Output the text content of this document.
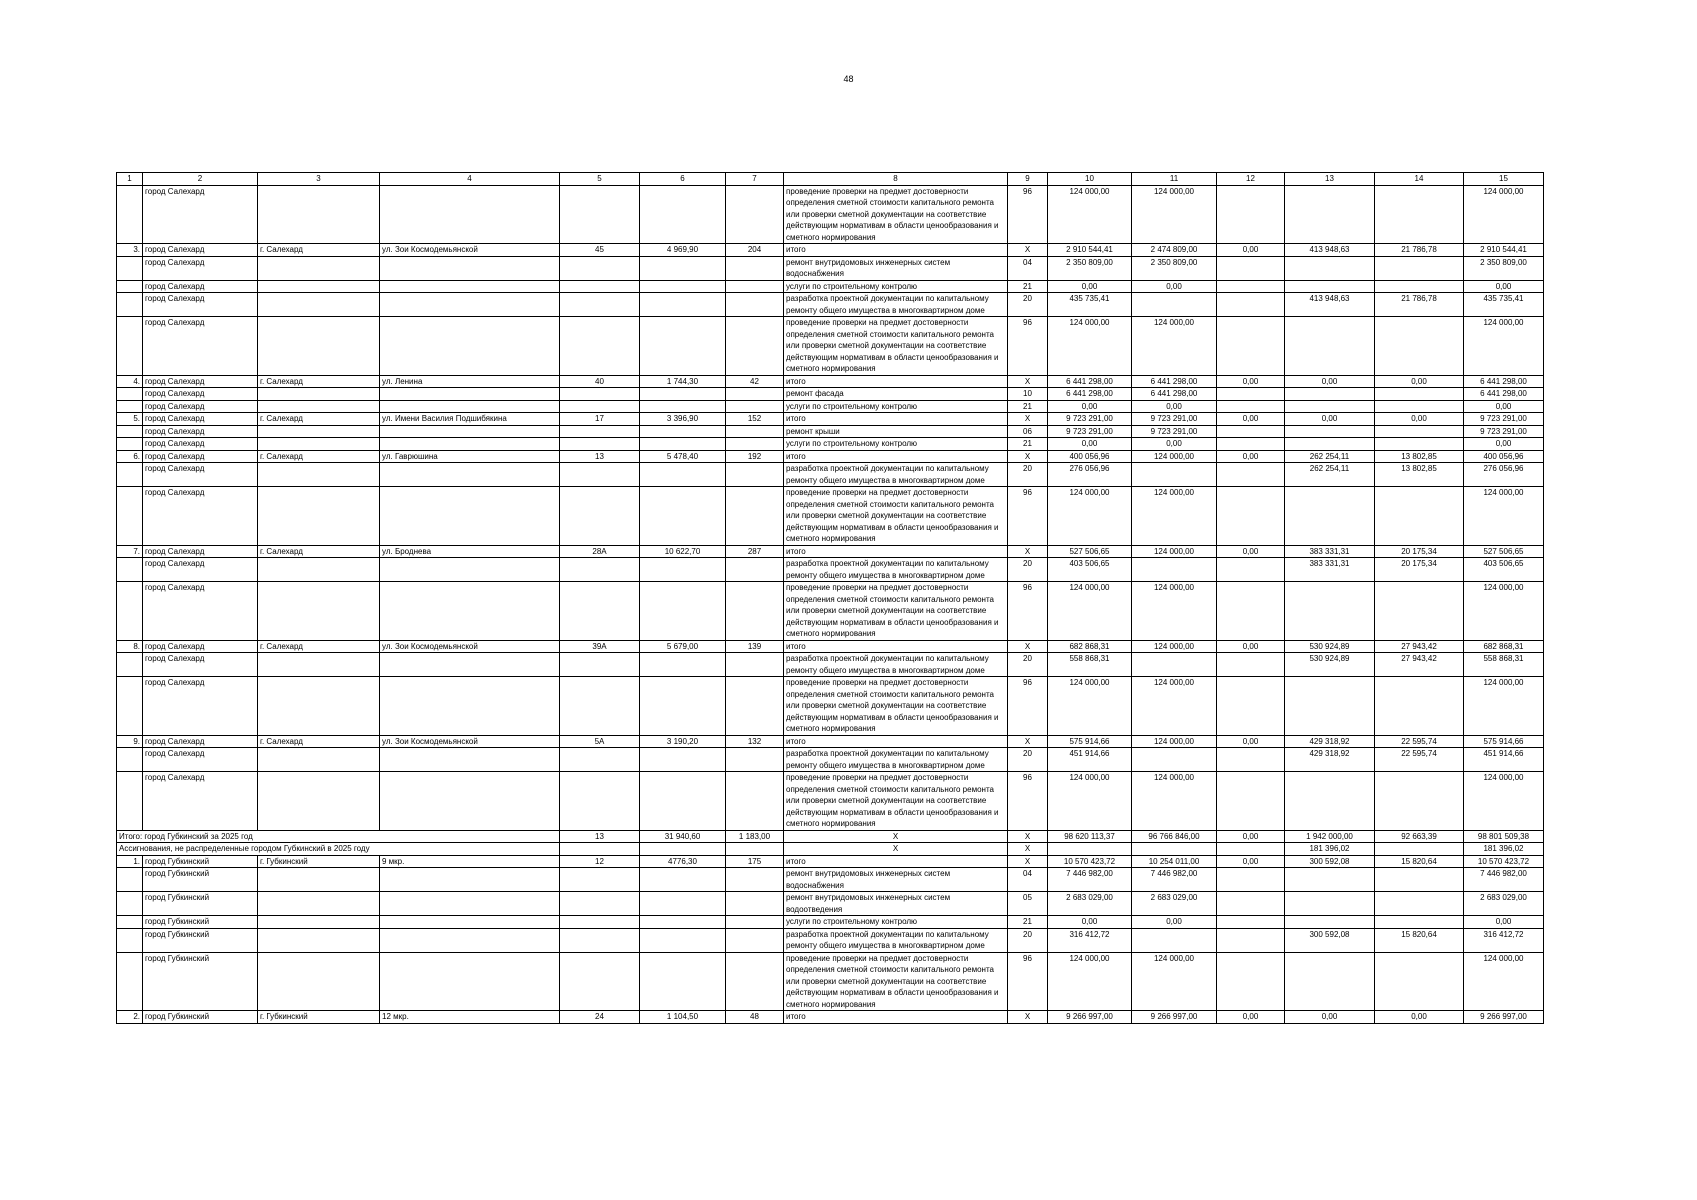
48
1	2	3	4	5	6	7	8	9	10	11	12	13	14	15
	город Салехард						проведение проверки на предмет достоверности определения сметной стоимости капитального ремонта или проверки сметной документации на соответствие действующим нормативам в области ценообразования и сметного нормирования	96	124 000,00	124 000,00				124 000,00
3.	город Салехард	г. Салехард	ул. Зои Космодемьянской	45	4 969,90	204	итого	X	2 910 544,41	2 474 809,00	0,00	413 948,63	21 786,78	2 910 544,41
	город Салехард						ремонт внутридомовых инженерных систем водоснабжения	04	2 350 809,00	2 350 809,00				2 350 809,00
	город Салехард						услуги по строительному контролю	21	0,00	0,00				0,00
	город Салехард						разработка проектной документации по капитальному ремонту общего имущества в многоквартирном доме	20	435 735,41			413 948,63	21 786,78	435 735,41
	город Салехард						проведение проверки на предмет достоверности определения сметной стоимости капитального ремонта или проверки сметной документации на соответствие действующим нормативам в области ценообразования и сметного нормирования	96	124 000,00	124 000,00				124 000,00
4.	город Салехард	г. Салехард	ул. Ленина	40	1 744,30	42	итого	X	6 441 298,00	6 441 298,00	0,00	0,00	0,00	6 441 298,00
	город Салехард						ремонт фасада	10	6 441 298,00	6 441 298,00				6 441 298,00
	город Салехард						услуги по строительному контролю	21	0,00	0,00				0,00
5.	город Салехард	г. Салехард	ул. Имени Василия Подшибякина	17	3 396,90	152	итого	X	9 723 291,00	9 723 291,00	0,00	0,00	0,00	9 723 291,00
	город Салехард						ремонт крыши	06	9 723 291,00	9 723 291,00				9 723 291,00
	город Салехард						услуги по строительному контролю	21	0,00	0,00				0,00
6.	город Салехард	г. Салехард	ул. Гаврюшина	13	5 478,40	192	итого	X	400 056,96	124 000,00	0,00	262 254,11	13 802,85	400 056,96
	город Салехард						разработка проектной документации по капитальному ремонту общего имущества в многоквартирном доме	20	276 056,96			262 254,11	13 802,85	276 056,96
	город Салехард						проведение проверки на предмет достоверности определения сметной стоимости капитального ремонта или проверки сметной документации на соответствие действующим нормативам в области ценообразования и сметного нормирования	96	124 000,00	124 000,00				124 000,00
7.	город Салехард	г. Салехард	ул. Броднева	28А	10 622,70	287	итого	X	527 506,65	124 000,00	0,00	383 331,31	20 175,34	527 506,65
	город Салехард						разработка проектной документации по капитальному ремонту общего имущества в многоквартирном доме	20	403 506,65			383 331,31	20 175,34	403 506,65
	город Салехард						проведение проверки на предмет достоверности определения сметной стоимости капитального ремонта или проверки сметной документации на соответствие действующим нормативам в области ценообразования и сметного нормирования	96	124 000,00	124 000,00				124 000,00
8.	город Салехард	г. Салехард	ул. Зои Космодемьянской	39А	5 679,00	139	итого	X	682 868,31	124 000,00	0,00	530 924,89	27 943,42	682 868,31
	город Салехард						разработка проектной документации по капитальному ремонту общего имущества в многоквартирном доме	20	558 868,31			530 924,89	27 943,42	558 868,31
	город Салехард						проведение проверки на предмет достоверности определения сметной стоимости капитального ремонта или проверки сметной документации на соответствие действующим нормативам в области ценообразования и сметного нормирования	96	124 000,00	124 000,00				124 000,00
9.	город Салехард	г. Салехард	ул. Зои Космодемьянской	5А	3 190,20	132	итого	X	575 914,66	124 000,00	0,00	429 318,92	22 595,74	575 914,66
	город Салехард						разработка проектной документации по капитальному ремонту общего имущества в многоквартирном доме	20	451 914,66			429 318,92	22 595,74	451 914,66
	город Салехард						проведение проверки на предмет достоверности определения сметной стоимости капитального ремонта или проверки сметной документации на соответствие действующим нормативам в области ценообразования и сметного нормирования	96	124 000,00	124 000,00				124 000,00
Итого: город Губкинский за 2025 год				13	31 940,60	1 183,00	X	X	98 620 113,37	96 766 846,00	0,00	1 942 000,00	92 663,39	98 801 509,38
Ассигнования, не распределенные городом Губкинский в 2025 году							X	X				181 396,02		181 396,02
1.	город Губкинский	г. Губкинский	9 мкр.	12	4776,30	175	итого	X	10 570 423,72	10 254 011,00	0,00	300 592,08	15 820,64	10 570 423,72
	город Губкинский						ремонт внутридомовых инженерных систем водоснабжения	04	7 446 982,00	7 446 982,00				7 446 982,00
	город Губкинский						ремонт внутридомовых инженерных систем водоотведения	05	2 683 029,00	2 683 029,00				2 683 029,00
	город Губкинский						услуги по строительному контролю	21	0,00	0,00				0,00
	город Губкинский						разработка проектной документации по капитальному ремонту общего имущества в многоквартирном доме	20	316 412,72			300 592,08	15 820,64	316 412,72
	город Губкинский						проведение проверки на предмет достоверности определения сметной стоимости капитального ремонта или проверки сметной документации на соответствие действующим нормативам в области ценообразования и сметного нормирования	96	124 000,00	124 000,00				124 000,00
2.	город Губкинский	г. Губкинский	12 мкр.	24	1 104,50	48	итого	X	9 266 997,00	9 266 997,00	0,00	0,00	0,00	9 266 997,00
